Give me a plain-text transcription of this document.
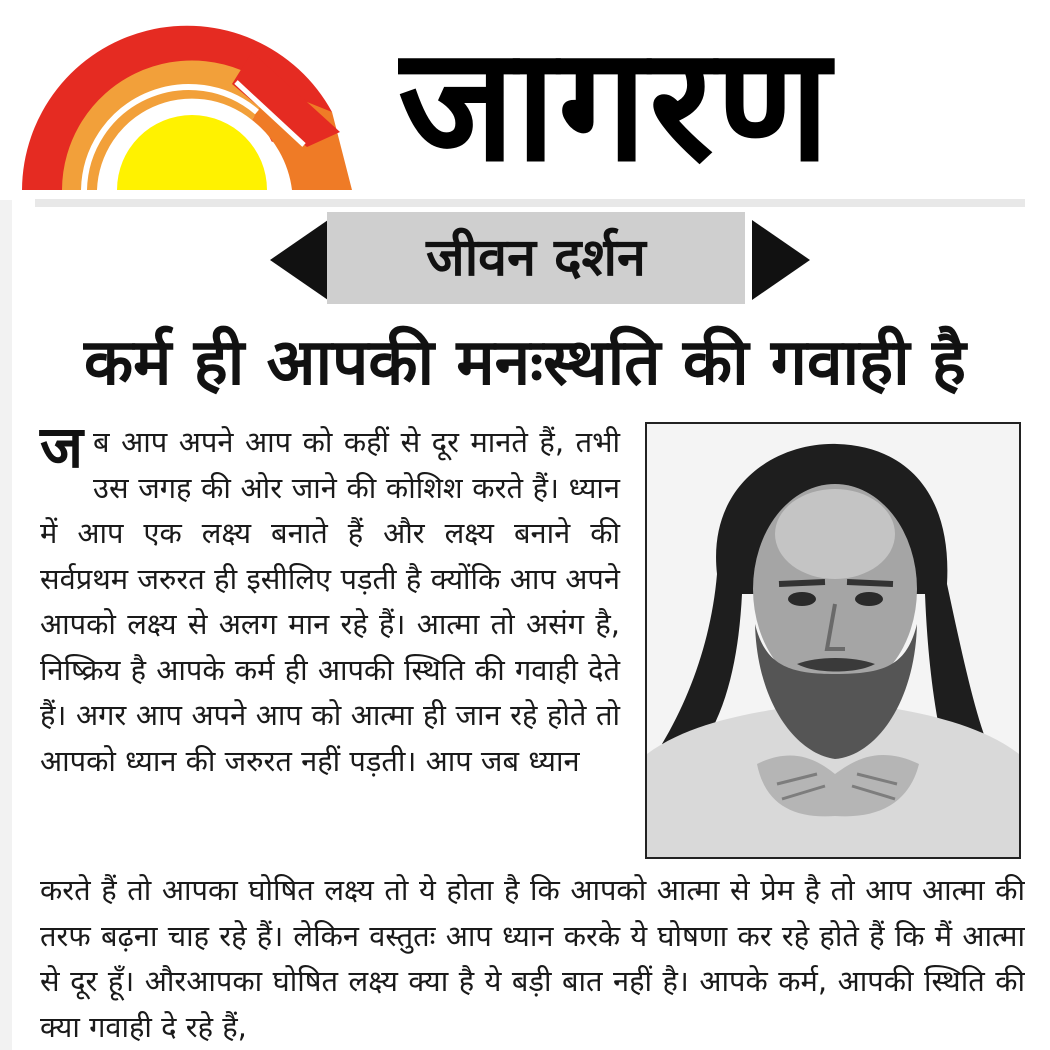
जागरण
जीवन दर्शन
कर्म ही आपकी मनःस्थति की गवाही है
ज ब आप अपने आप को कहीं से दूर मानते हैं, तभी उस जगह की ओर जाने की कोशिश करते हैं। ध्यान में आप एक लक्ष्य बनाते हैं और लक्ष्य बनाने की सर्वप्रथम जरुरत ही इसीलिए पड़ती है क्योंकि आप अपने आपको लक्ष्य से अलग मान रहे हैं। आत्मा तो असंग है, निष्क्रिय है आपके कर्म ही आपकी स्थिति की गवाही देते हैं। अगर आप अपने आप को आत्मा ही जान रहे होते तो आपको ध्यान की जरुरत नहीं पड़ती। आप जब ध्यान
करते हैं तो आपका घोषित लक्ष्य तो ये होता है कि आपको आत्मा से प्रेम है तो आप आत्मा की तरफ बढ़ना चाह रहे हैं। लेकिन वस्तुतः आप ध्यान करके ये घोषणा कर रहे होते हैं कि मैं आत्मा से दूर हूँ। औरआपका घोषित लक्ष्य क्या है ये बड़ी बात नहीं है। आपके कर्म, आपकी स्थिति की क्या गवाही दे रहे हैं,
